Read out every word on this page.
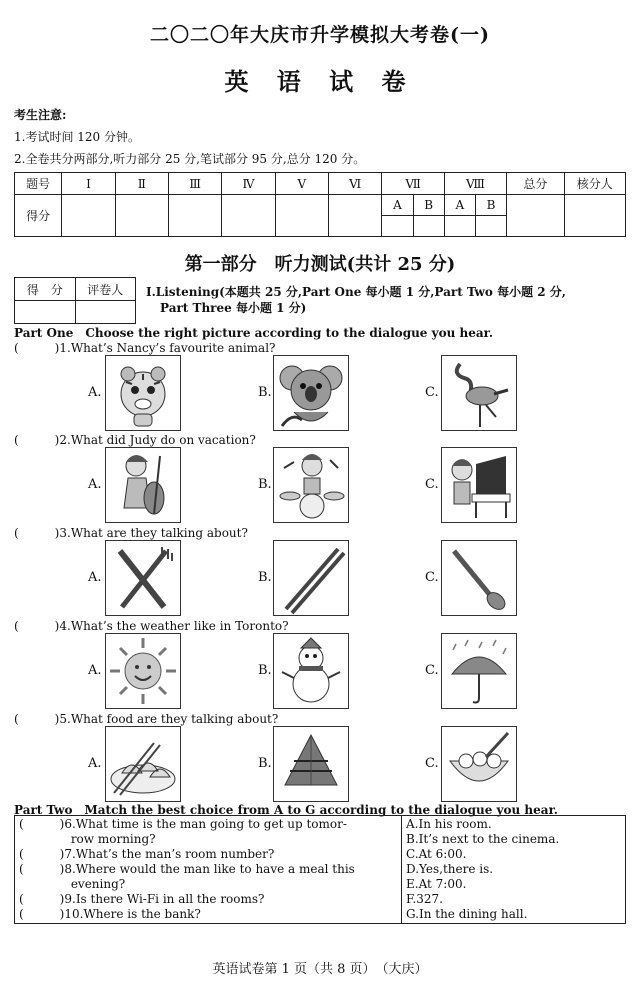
二〇二〇年大庆市升学模拟大考卷(一)
英 语 试 卷
考生注意:
1.考试时间 120 分钟。
2.全卷共分两部分,听力部分 25 分,笔试部分 95 分,总分 120 分。
题号	Ⅰ	Ⅱ	Ⅲ	Ⅳ	Ⅴ	Ⅵ	Ⅶ		Ⅷ		总分	核分人
得分							A	B	A	B		

第一部分　听力测试(共计 25 分)
得　分	评卷人
	Ⅰ.Listening(本题共 25 分,Part One 每小题 1 分,Part Two 每小题 2 分,
Part Three 每小题 1 分)
Part One　Choose the right picture according to the dialogue you hear.
(　　　)1.What’s Nancy’s favourite animal?
A.	B.	C.
(　　　)2.What did Judy do on vacation?
A.	B.	C.
(　　　)3.What are they talking about?
A.	B.	C.
(　　　)4.What’s the weather like in Toronto?
A.	B.	C.
(　　　)5.What food are they talking about?
A.	B.	C.
Part Two　Match the best choice from A to G according to the dialogue you hear.
(　　　)6.What time is the man going to get up tomor-
　　　　 row morning?
(　　　)7.What’s the man’s room number?
(　　　)8.Where would the man like to have a meal this
　　　　 evening?
(　　　)9.Is there Wi-Fi in all the rooms?
(　　　)10.Where is the bank?

A.In his room.
B.It’s next to the cinema.
C.At 6:00.
D.Yes,there is.
E.At 7:00.
F.327.
G.In the dining hall.
英语试卷第 1 页（共 8 页）　（大庆）
